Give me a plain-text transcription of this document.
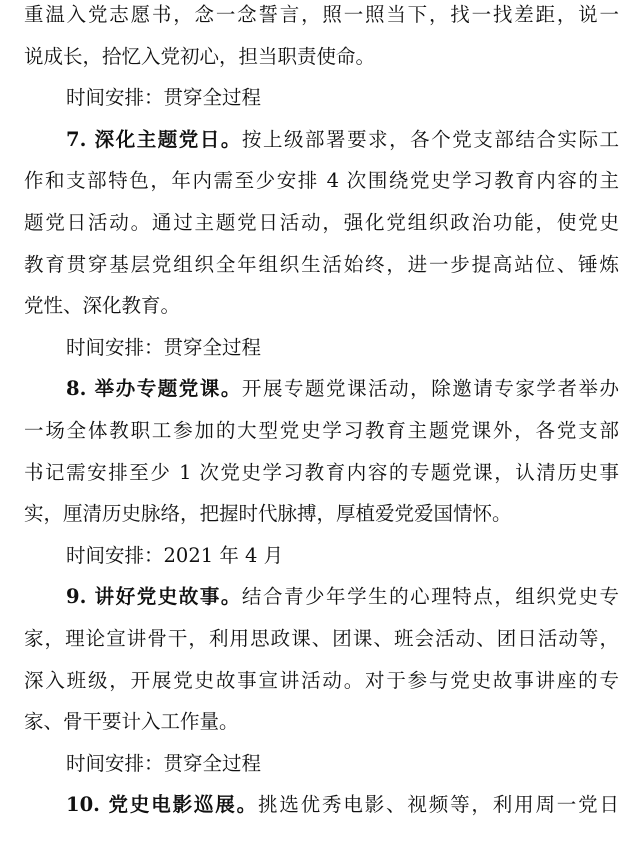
重温入党志愿书，念一念誓言，照一照当下，找一找差距，说一
说成长，拾忆入党初心，担当职责使命。
时间安排：贯穿全过程
7. 深化主题党日。按上级部署要求，各个党支部结合实际工
作和支部特色，年内需至少安排 4 次围绕党史学习教育内容的主
题党日活动。通过主题党日活动，强化党组织政治功能，使党史
教育贯穿基层党组织全年组织生活始终，进一步提高站位、锤炼
党性、深化教育。
时间安排：贯穿全过程
8. 举办专题党课。开展专题党课活动，除邀请专家学者举办
一场全体教职工参加的大型党史学习教育主题党课外，各党支部
书记需安排至少 1 次党史学习教育内容的专题党课，认清历史事
实，厘清历史脉络，把握时代脉搏，厚植爱党爱国情怀。
时间安排：2021 年 4 月
9. 讲好党史故事。结合青少年学生的心理特点，组织党史专
家，理论宣讲骨干，利用思政课、团课、班会活动、团日活动等，
深入班级，开展党史故事宣讲活动。对于参与党史故事讲座的专
家、骨干要计入工作量。
时间安排：贯穿全过程
10. 党史电影巡展。挑选优秀电影、视频等，利用周一党日
